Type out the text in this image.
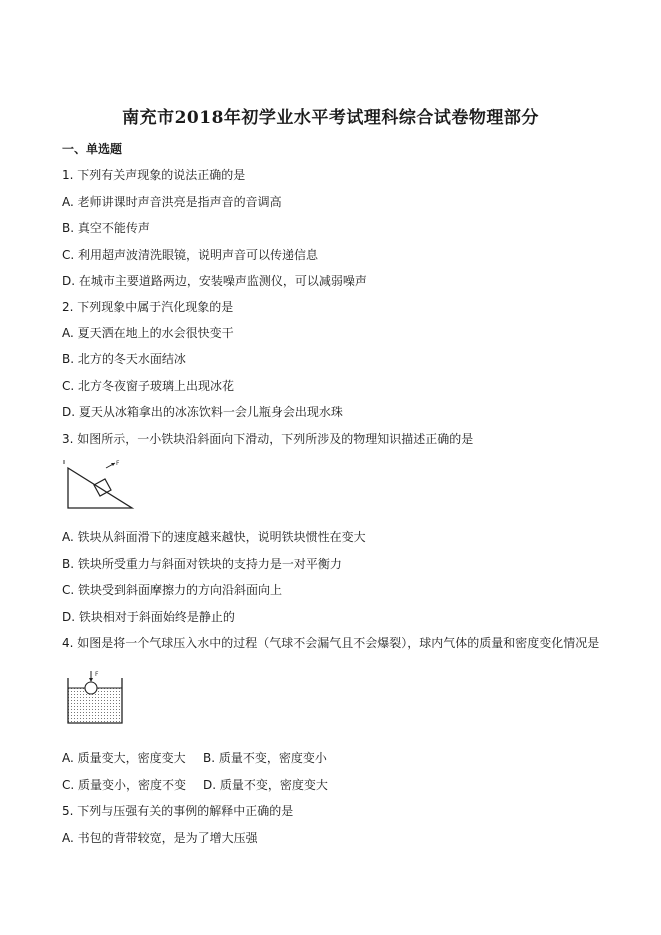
南充市2018年初学业水平考试理科综合试卷物理部分
一、单选题
1. 下列有关声现象的说法正确的是
A. 老师讲课时声音洪亮是指声音的音调高
B. 真空不能传声
C. 利用超声波清洗眼镜，说明声音可以传递信息
D. 在城市主要道路两边，安装噪声监测仪，可以减弱噪声
2. 下列现象中属于汽化现象的是
A. 夏天洒在地上的水会很快变干
B. 北方的冬天水面结冰
C. 北方冬夜窗子玻璃上出现冰花
D. 夏天从冰箱拿出的冰冻饮料一会儿瓶身会出现水珠
3. 如图所示，一小铁块沿斜面向下滑动，下列所涉及的物理知识描述正确的是
F
A. 铁块从斜面滑下的速度越来越快，说明铁块惯性在变大
B. 铁块所受重力与斜面对铁块的支持力是一对平衡力
C. 铁块受到斜面摩擦力的方向沿斜面向上
D. 铁块相对于斜面始终是静止的
4. 如图是将一个气球压入水中的过程（气球不会漏气且不会爆裂），球内气体的质量和密度变化情况是
F
A. 质量变大，密度变大 B. 质量不变，密度变小
C. 质量变小，密度不变 D. 质量不变，密度变大
5. 下列与压强有关的事例的解释中正确的是
A. 书包的背带较宽，是为了增大压强
